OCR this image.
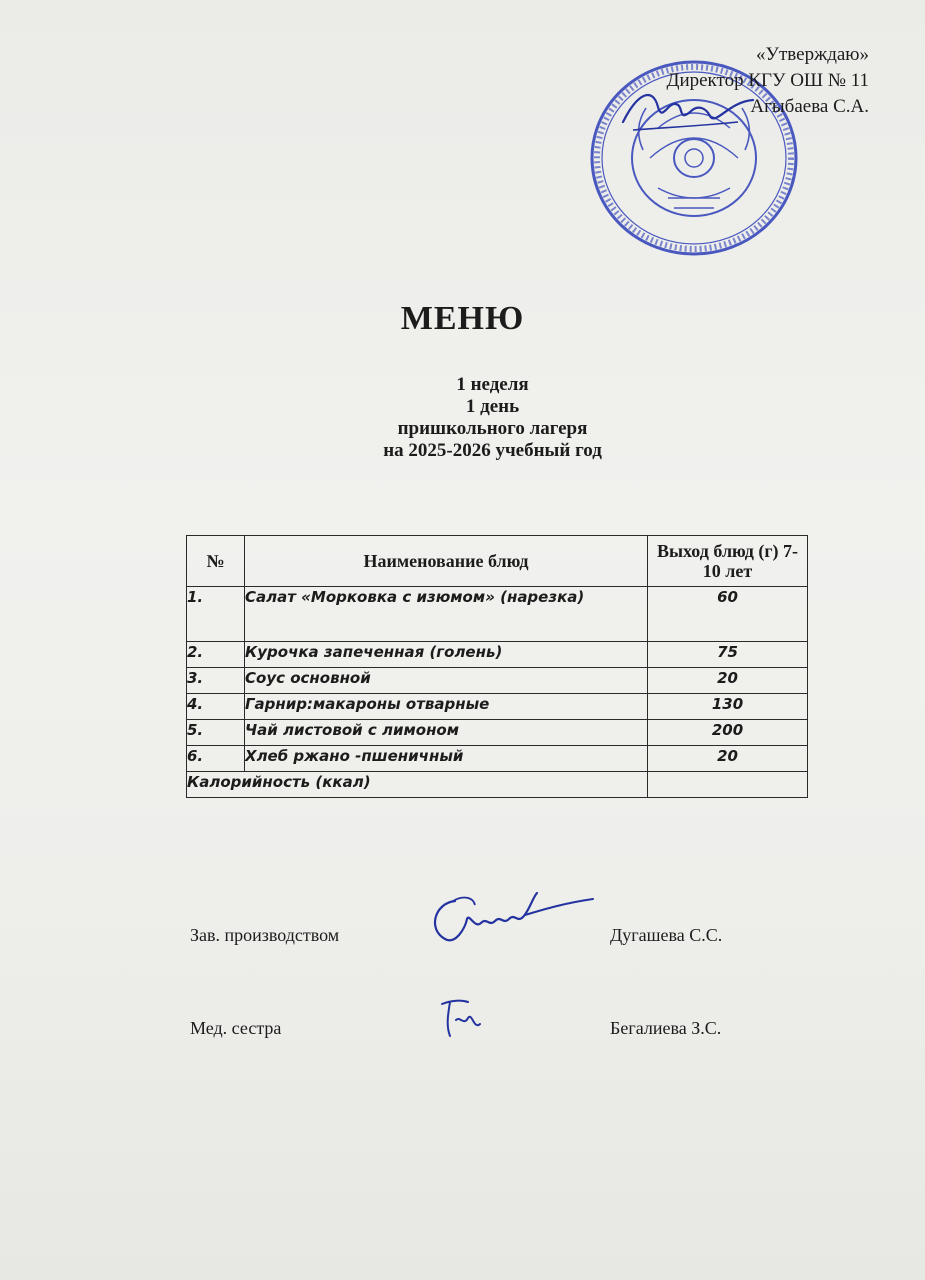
«Утверждаю»
Директор КГУ ОШ № 11
Агыбаева С.А.
МЕНЮ
1 неделя
1 день
пришкольного лагеря
на 2025-2026 учебный год
№	Наименование блюд	Выход блюд (г) 7-10 лет
1.	Салат «Морковка с изюмом» (нарезка)	60
2.	Курочка запеченная (голень)	75
3.	Соус основной	20
4.	Гарнир:макароны отварные	130
5.	Чай листовой с лимоном	200
6.	Хлеб ржано -пшеничный	20
Калорийность (ккал)		
Зав. производством	Дугашева С.С.
Мед. сестра	Бегалиева З.С.
